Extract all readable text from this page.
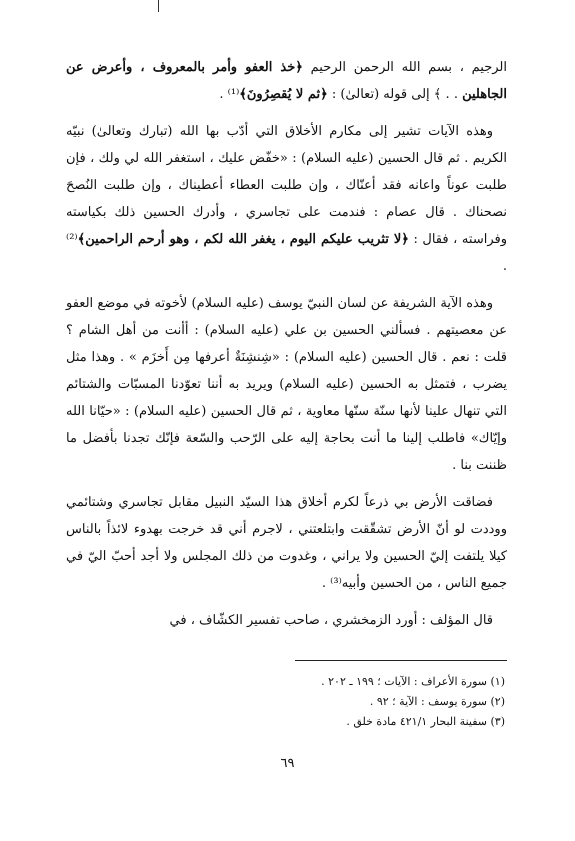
الرجيم ، بسم الله الرحمن الرحيم ﴿خذ العفو وأمر بالمعروف ، وأعرض عن الجاهلين . . ﴾ إلى قوله (تعالىٰ) : ﴿ثم لا يُقصِرُونَ﴾⁽¹⁾ .

وهذه الآيات تشير إلى مكارم الأخلاق التي أدّب بها الله (تبارك وتعالىٰ) نبيّه الكريم . ثم قال الحسين (عليه السلام) : «خفّض عليك ، استغفر الله لي ولك ، فإن طلبت عوناً واعانه فقد أعنّاك ، وإن طلبت العطاء أعطيناك ، وإن طلبت النُصحَ نصحناك . قال عصام : فندمت على تجاسري ، وأدرك الحسين ذلك بكياسته وفراسته ، فقال : ﴿لا تثريب عليكم اليوم ، يغفر الله لكم ، وهو أرحم الراحمين﴾⁽²⁾ .

وهذه الآية الشريفة عن لسان النبيّ يوسف (عليه السلام) لأخوته في موضع العفو عن معصيتهم . فسألني الحسين بن علي (عليه السلام) : أأنت من أهل الشام ؟ قلت : نعم . قال الحسين (عليه السلام) : «شِنشِنَةٌ أعرفها مِن أَخزَم » . وهذا مثل يضرب ، فتمثل به الحسين (عليه السلام) ويريد به أننا تعوّدنا المسبّات والشتائم التي تنهال علينا لأنها سنّة سنّها معاوية ، ثم قال الحسين (عليه السلام) : «حيّانا الله وإيّاك» فاطلب إلينا ما أنت بحاجة إليه على الرّحب والسّعة فإنّك تجدنا بأفضل ما ظننت بنا .

فضاقت الأرض بي ذرعاً لكرم أخلاق هذا السيّد النبيل مقابل تجاسري وشتائمي ووددت لو أنّ الأرض تشقّقت وابتلعتني ، لاجرم أني قد خرجت بهدوء لائذاً بالناس كيلا يلتفت إليّ الحسين ولا يراني ، وغدوت من ذلك المجلس ولا أجد أحبّ اليّ في جميع الناس ، من الحسين وأبيه⁽³⁾ .

قال المؤلف : أورد الزمخشري ، صاحب تفسير الكشّاف ، في

(١) سورة الأعراف : الآيات ؛ ١٩٩ ـ ٢٠٢ .

(٢) سورة يوسف : الآية ؛ ٩٢ .

(٣) سفينة البحار ٤٢١/١ مادة خلق .

٦٩
